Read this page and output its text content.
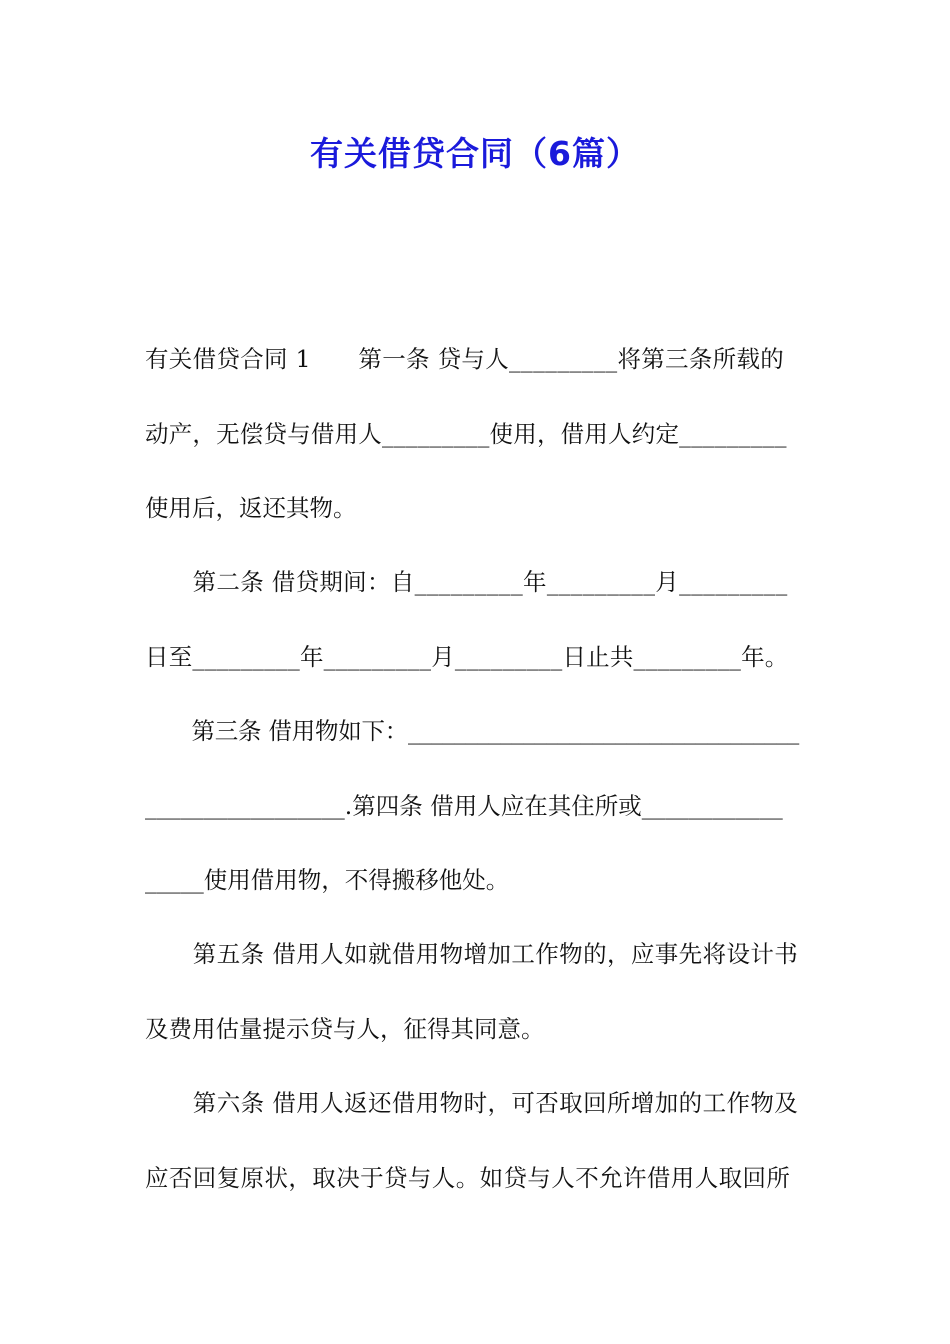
有关借贷合同（6篇）

有关借贷合同 1　　第一条 贷与人_________将第三条所载的

动产，无偿贷与借用人_________使用，借用人约定_________

使用后，返还其物。

　　第二条 借贷期间：自_________年_________月_________

日至_________年_________月_________日止共_________年。

　　第三条 借用物如下：__________________________________

_________________.第四条 借用人应在其住所或____________

_____使用借用物，不得搬移他处。

　　第五条 借用人如就借用物增加工作物的，应事先将设计书

及费用估量提示贷与人，征得其同意。

　　第六条 借用人返还借用物时，可否取回所增加的工作物及

应否回复原状，取决于贷与人。如贷与人不允许借用人取回所
